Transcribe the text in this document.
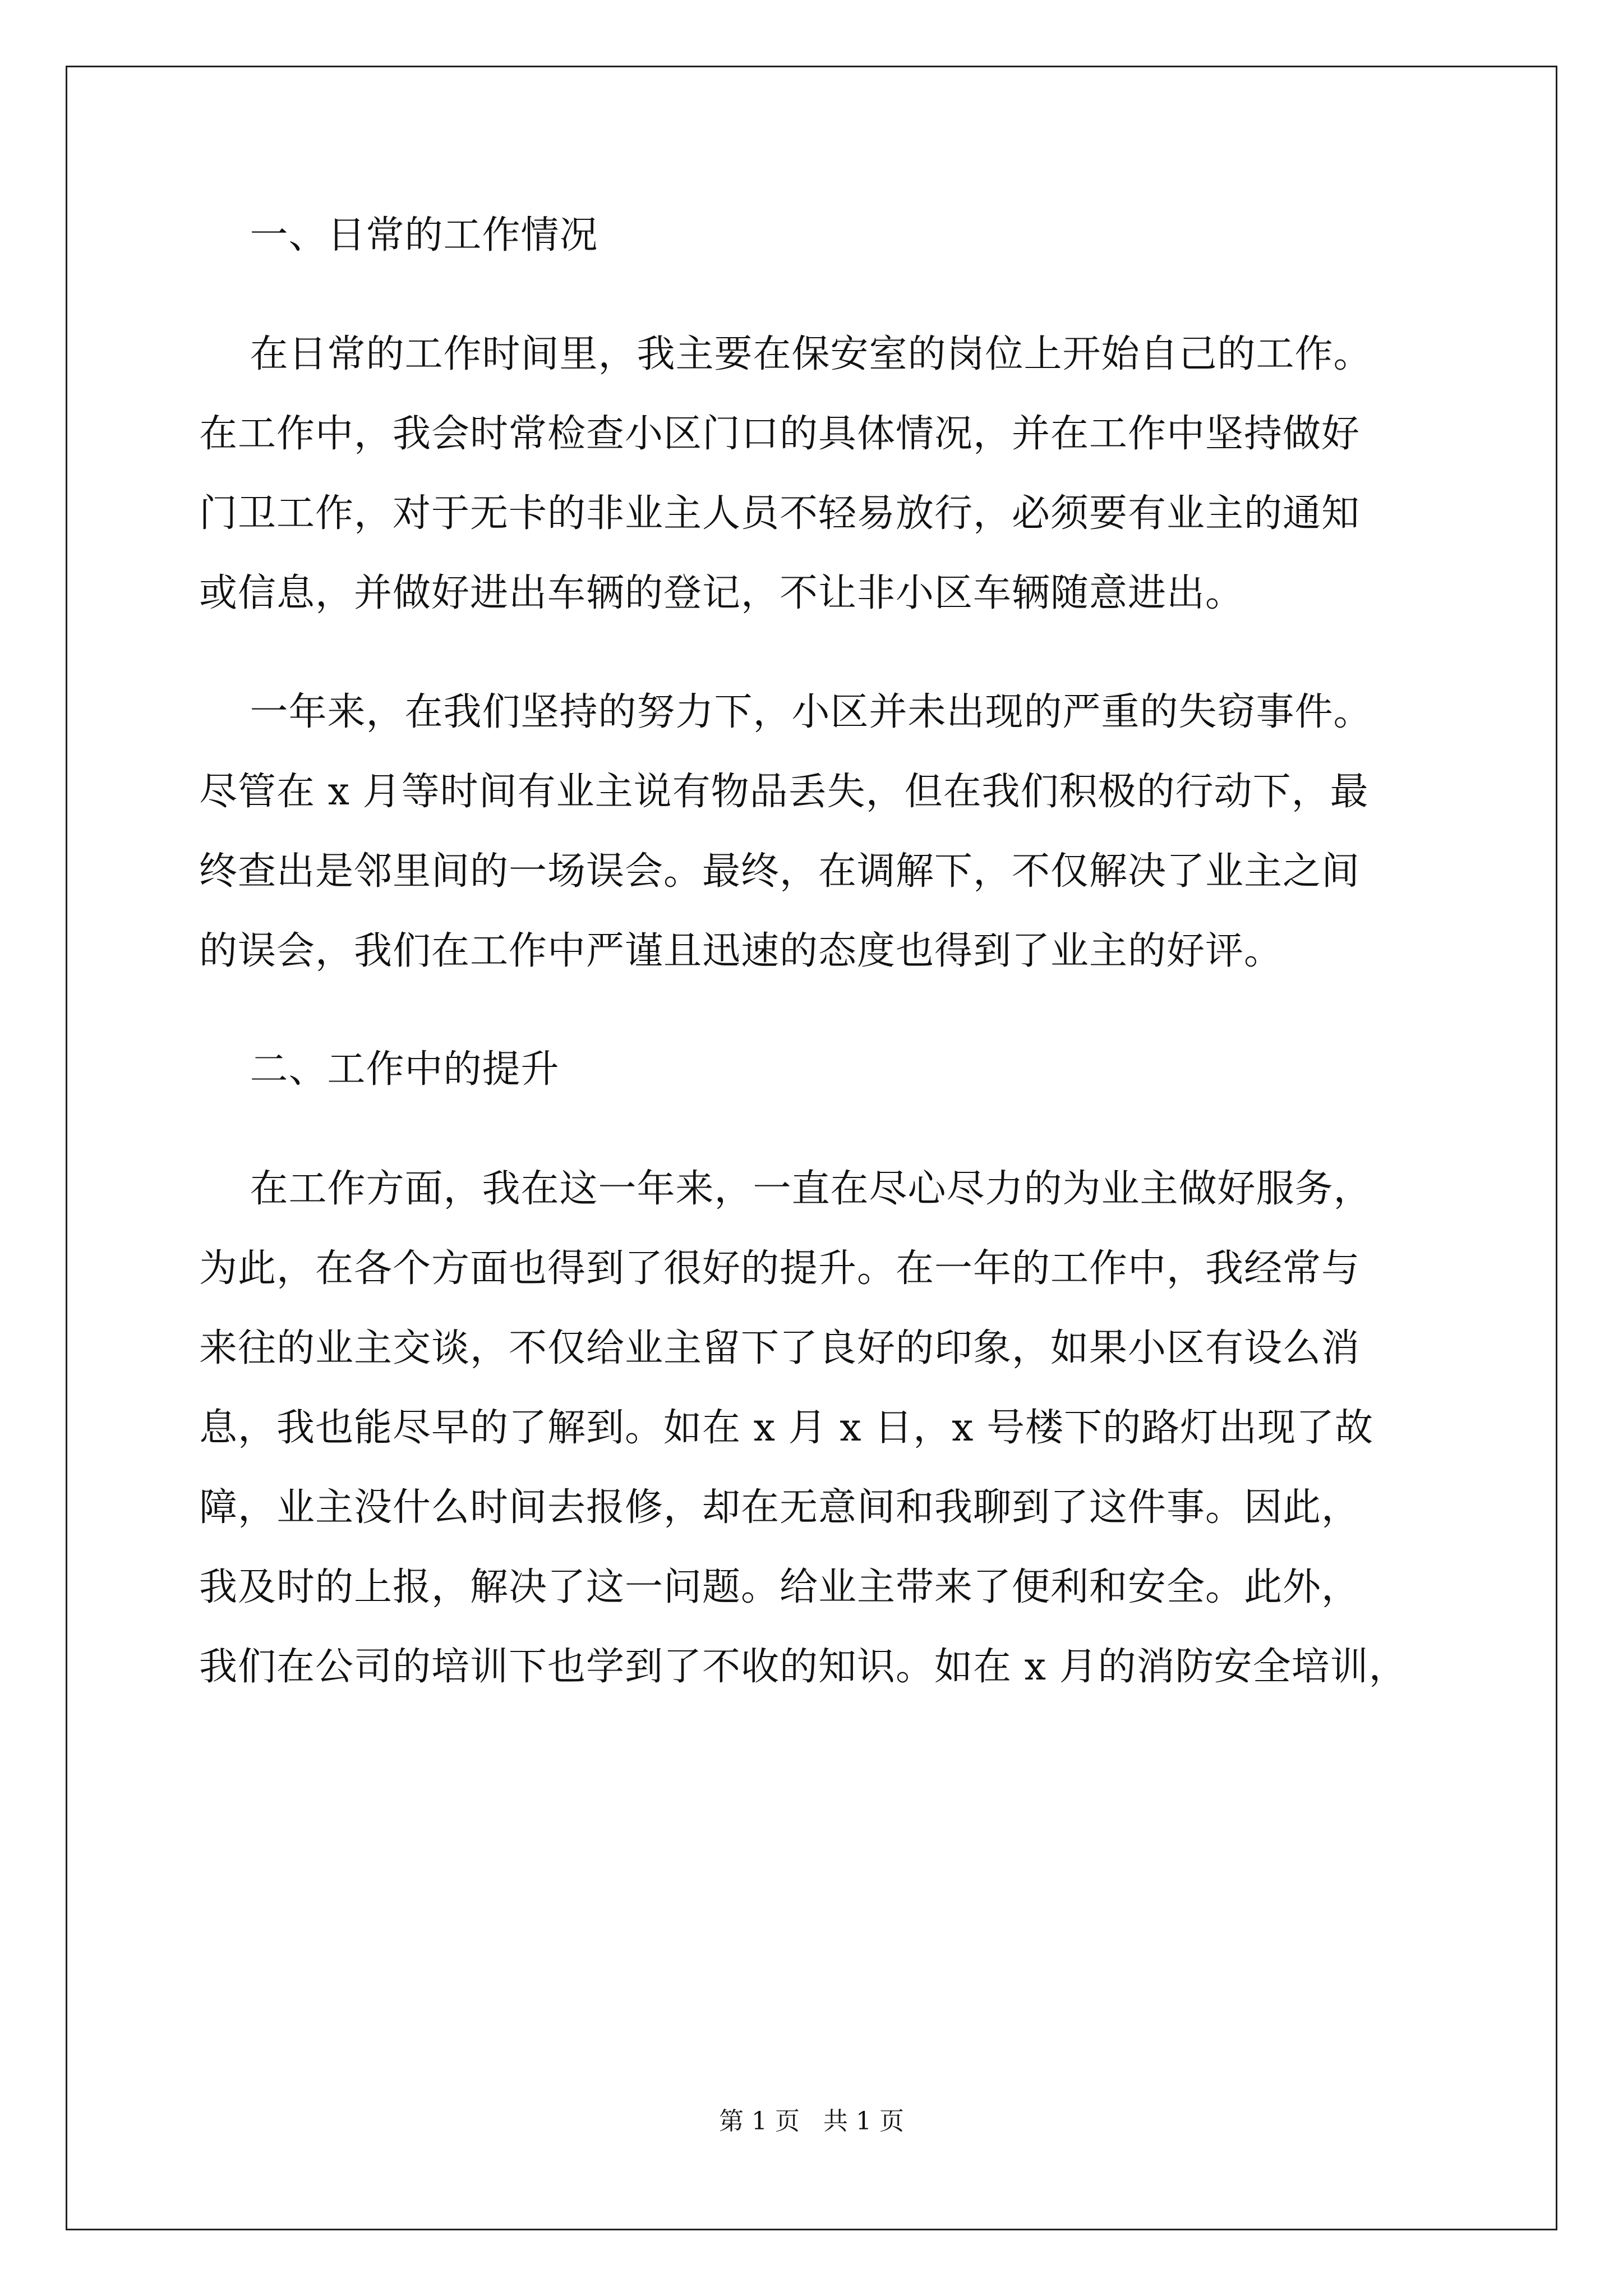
一、日常的工作情况
在日常的工作时间里，我主要在保安室的岗位上开始自己的工作。
在工作中，我会时常检查小区门口的具体情况，并在工作中坚持做好
门卫工作，对于无卡的非业主人员不轻易放行，必须要有业主的通知
或信息，并做好进出车辆的登记，不让非小区车辆随意进出。
一年来，在我们坚持的努力下，小区并未出现的严重的失窃事件。
尽管在 x 月等时间有业主说有物品丢失，但在我们积极的行动下，最
终查出是邻里间的一场误会。最终，在调解下，不仅解决了业主之间
的误会，我们在工作中严谨且迅速的态度也得到了业主的好评。
二、工作中的提升
在工作方面，我在这一年来，一直在尽心尽力的为业主做好服务，
为此，在各个方面也得到了很好的提升。在一年的工作中，我经常与
来往的业主交谈，不仅给业主留下了良好的印象，如果小区有设么消
息，我也能尽早的了解到。如在 x 月 x 日，x 号楼下的路灯出现了故
障，业主没什么时间去报修，却在无意间和我聊到了这件事。因此，
我及时的上报，解决了这一问题。给业主带来了便利和安全。此外，
我们在公司的培训下也学到了不收的知识。如在 x 月的消防安全培训，
第 1 页   共 1 页
